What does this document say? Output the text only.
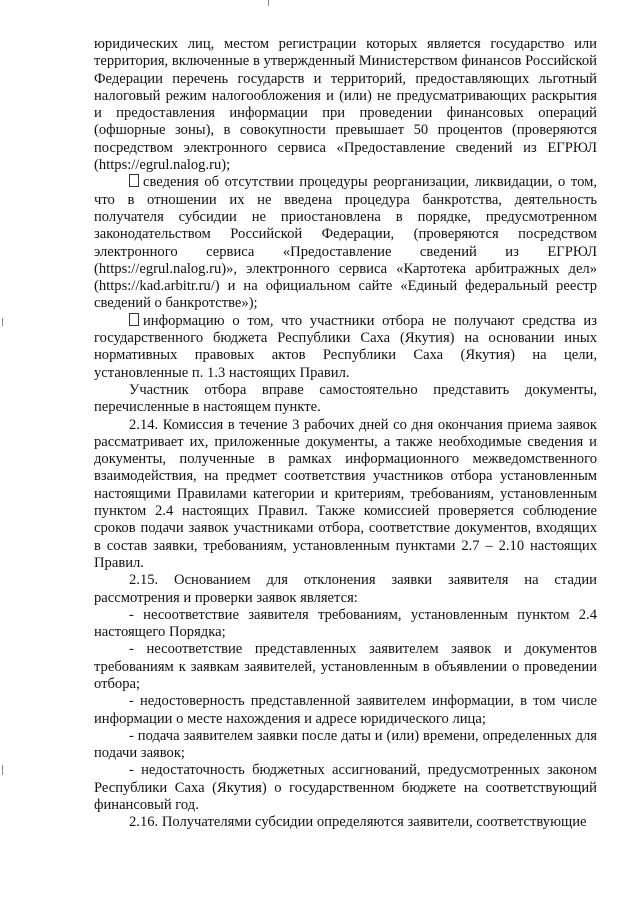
юридических лиц, местом регистрации которых является государство или территория, включенные в утвержденный Министерством финансов Российской Федерации перечень государств и территорий, предоставляющих льготный налоговый режим налогообложения и (или) не предусматривающих раскрытия и предоставления информации при проведении финансовых операций (офшорные зоны), в совокупности превышает 50 процентов (проверяются посредством электронного сервиса «Предоставление сведений из ЕГРЮЛ (https://egrul.nalog.ru);

сведения об отсутствии процедуры реорганизации, ликвидации, о том, что в отношении их не введена процедура банкротства, деятельность получателя субсидии не приостановлена в порядке, предусмотренном законодательством Российской Федерации, (проверяются посредством электронного сервиса «Предоставление сведений из ЕГРЮЛ (https://egrul.nalog.ru)», электронного сервиса «Картотека арбитражных дел» (https://kad.arbitr.ru/) и на официальном сайте «Единый федеральный реестр сведений о банкротстве»);

информацию о том, что участники отбора не получают средства из государственного бюджета Республики Саха (Якутия) на основании иных нормативных правовых актов Республики Саха (Якутия) на цели, установленные п. 1.3 настоящих Правил.

Участник отбора вправе самостоятельно представить документы, перечисленные в настоящем пункте.

2.14. Комиссия в течение 3 рабочих дней со дня окончания приема заявок рассматривает их, приложенные документы, а также необходимые сведения и документы, полученные в рамках информационного межведомственного взаимодействия, на предмет соответствия участников отбора установленным настоящими Правилами категории и критериям, требованиям, установленным пунктом 2.4 настоящих Правил. Также комиссией проверяется соблюдение сроков подачи заявок участниками отбора, соответствие документов, входящих в состав заявки, требованиям, установленным пунктами 2.7 – 2.10 настоящих Правил.

2.15. Основанием для отклонения заявки заявителя на стадии рассмотрения и проверки заявок является:

- несоответствие заявителя требованиям, установленным пунктом 2.4 настоящего Порядка;

- несоответствие представленных заявителем заявок и документов требованиям к заявкам заявителей, установленным в объявлении о проведении отбора;

- недостоверность представленной заявителем информации, в том числе информации о месте нахождения и адресе юридического лица;

- подача заявителем заявки после даты и (или) времени, определенных для подачи заявок;

- недостаточность бюджетных ассигнований, предусмотренных законом Республики Саха (Якутия) о государственном бюджете на соответствующий финансовый год.

2.16. Получателями субсидии определяются заявители, соответствующие
